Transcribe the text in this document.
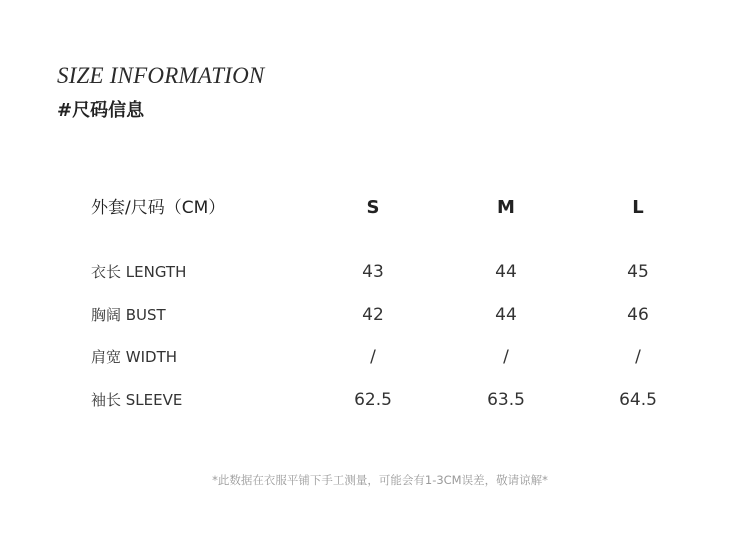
SIZE INFORMATION
#尺码信息
外套/尺码（CM）	S	M	L
衣长 LENGTH	43	44	45
胸阔 BUST	42	44	46
肩宽 WIDTH	/	/	/
袖长 SLEEVE	62.5	63.5	64.5
*此数据在衣服平铺下手工测量，可能会有1-3CM误差，敬请谅解*
